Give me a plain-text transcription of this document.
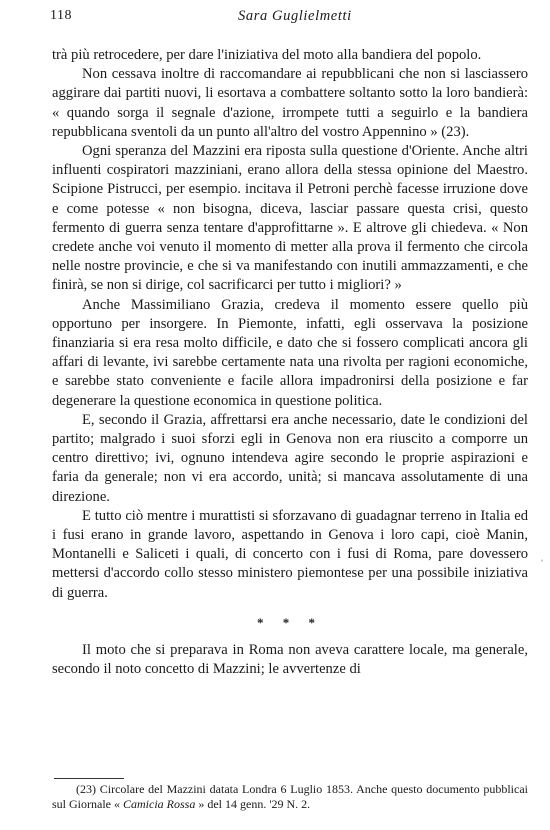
118	Sara Guglielmetti

trà più retrocedere, per dare l'iniziativa del moto alla bandiera del popolo.

Non cessava inoltre di raccomandare ai repubblicani che non si lasciassero aggirare dai partiti nuovi, li esortava a combattere soltanto sotto la loro bandierà: « quando sorga il segnale d'azione, irrompete tutti a seguirlo e la bandiera repubblicana sventoli da un punto all'altro del vostro Appennino » (23).

Ogni speranza del Mazzini era riposta sulla questione d'Oriente. Anche altri influenti cospiratori mazziniani, erano allora della stessa opinione del Maestro. Scipione Pistrucci, per esempio. incitava il Petroni perchè facesse irruzione dove e come potesse « non bisogna, diceva, lasciar passare questa crisi, questo fermento di guerra senza tentare d'approfittarne ». E altrove gli chiedeva. « Non credete anche voi venuto il momento di metter alla prova il fermento che circola nelle nostre provincie, e che si va manifestando con inutili ammazzamenti, e che finirà, se non si dirige, col sacrificarci per tutto i migliori? »

Anche Massimiliano Grazia, credeva il momento essere quello più opportuno per insorgere. In Piemonte, infatti, egli osservava la posizione finanziaria si era resa molto difficile, e dato che si fossero complicati ancora gli affari di levante, ivi sarebbe certamente nata una rivolta per ragioni economiche, e sarebbe stato conveniente e facile allora impadronirsi della posizione e far degenerare la questione economica in questione politica.

E, secondo il Grazia, affrettarsi era anche necessario, date le condizioni del partito; malgrado i suoi sforzi egli in Genova non era riuscito a comporre un centro direttivo; ivi, ognuno intendeva agire secondo le proprie aspirazioni e faria da generale; non vi era accordo, unità; si mancava assolutamente di una direzione.

E tutto ciò mentre i murattisti si sforzavano di guadagnar terreno in Italia ed i fusi erano in grande lavoro, aspettando in Genova i loro capi, cioè Manin, Montanelli e Saliceti i quali, di concerto con i fusi di Roma, pare dovessero mettersi d'accordo collo stesso ministero piemontese per una possibile iniziativa di guerra.

* * *

Il moto che si preparava in Roma non aveva carattere locale, ma generale, secondo il noto concetto di Mazzini; le avvertenze di

(23) Circolare del Mazzini datata Londra 6 Luglio 1853. Anche questo documento pubblicai sul Giornale « Camicia Rossa » del 14 genn. '29 N. 2.

ˌ
